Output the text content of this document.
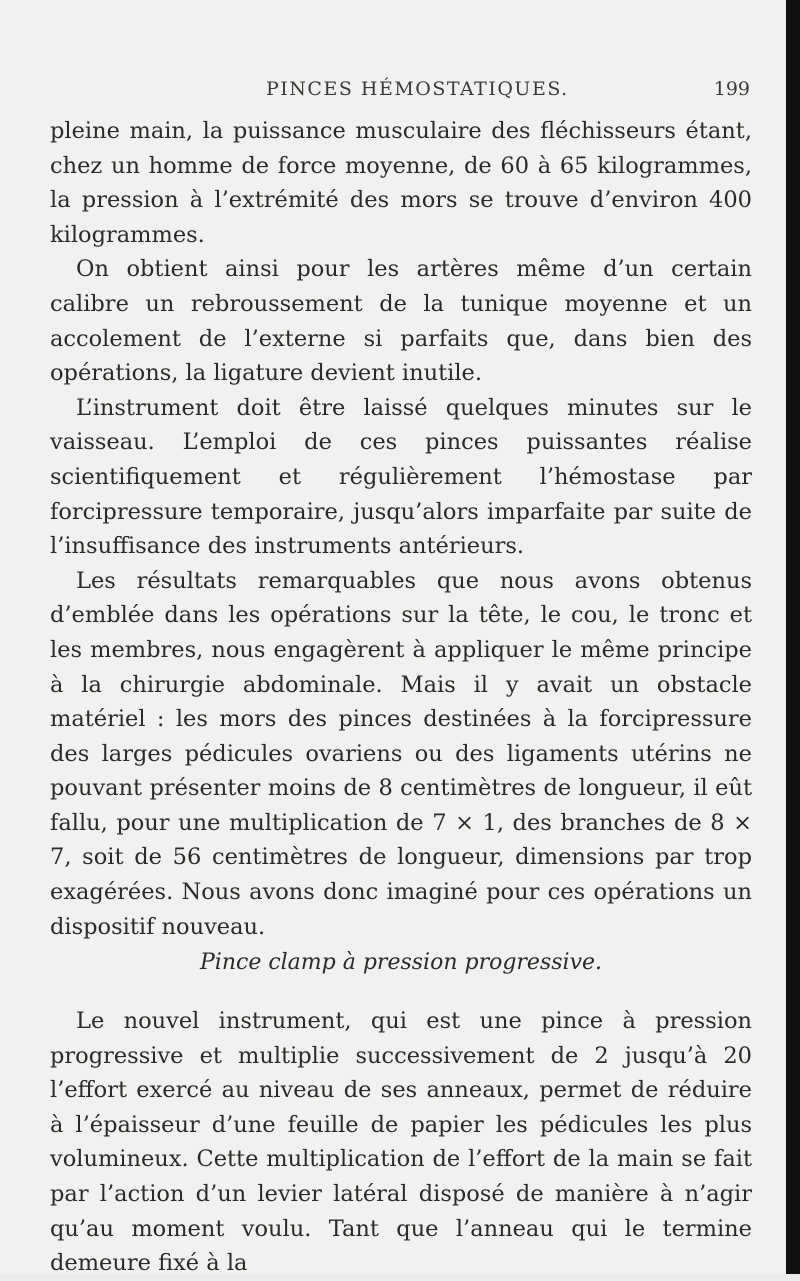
PINCES HÉMOSTATIQUES.	199

pleine main, la puissance musculaire des fléchisseurs étant, chez un homme de force moyenne, de 60 à 65 kilogrammes, la pression à l’extrémité des mors se trouve d’environ 400 kilogrammes.

On obtient ainsi pour les artères même d’un certain calibre un rebroussement de la tunique moyenne et un accolement de l’externe si parfaits que, dans bien des opérations, la ligature devient inutile.

L’instrument doit être laissé quelques minutes sur le vaisseau. L’emploi de ces pinces puissantes réalise scientifiquement et régulièrement l’hémostase par forcipressure temporaire, jusqu’alors imparfaite par suite de l’insuffisance des instruments antérieurs.

Les résultats remarquables que nous avons obtenus d’emblée dans les opérations sur la tête, le cou, le tronc et les membres, nous engagèrent à appliquer le même principe à la chirurgie abdominale. Mais il y avait un obstacle matériel : les mors des pinces destinées à la forcipressure des larges pédicules ovariens ou des ligaments utérins ne pouvant présenter moins de 8 centimètres de longueur, il eût fallu, pour une multiplication de 7 × 1, des branches de 8 × 7, soit de 56 centimètres de longueur, dimensions par trop exagérées. Nous avons donc imaginé pour ces opérations un dispositif nouveau.

Pince clamp à pression progressive.

Le nouvel instrument, qui est une pince à pression progressive et multiplie successivement de 2 jusqu’à 20 l’effort exercé au niveau de ses anneaux, permet de réduire à l’épaisseur d’une feuille de papier les pédicules les plus volumineux. Cette multiplication de l’effort de la main se fait par l’action d’un levier latéral disposé de manière à n’agir qu’au moment voulu. Tant que l’anneau qui le termine demeure fixé à la
